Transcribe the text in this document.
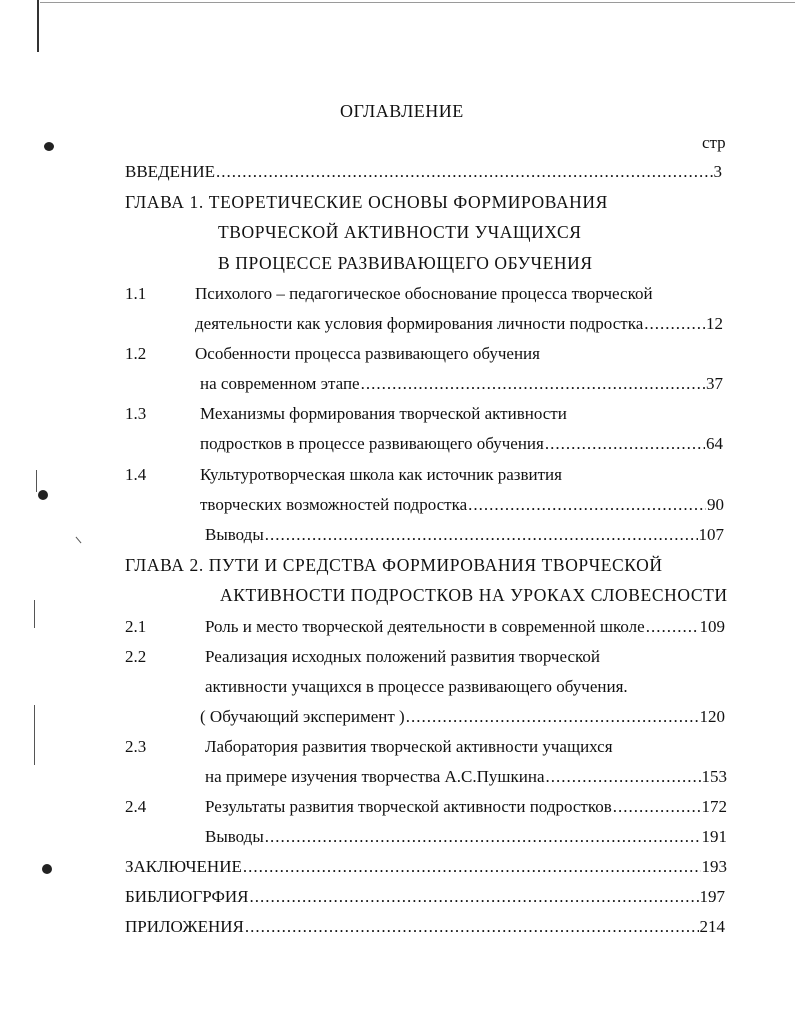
ОГЛАВЛЕНИЕ
стр
ВВЕДЕНИЕ .....	3
ГЛАВА 1. ТЕОРЕТИЧЕСКИЕ ОСНОВЫ ФОРМИРОВАНИЯ
ТВОРЧЕСКОЙ АКТИВНОСТИ УЧАЩИХСЯ
В ПРОЦЕССЕ РАЗВИВАЮЩЕГО ОБУЧЕНИЯ
1.1	Психолого – педагогическое обоснование процесса творческой
деятельности как условия формирования личности подростка .....	12
1.2	Особенности процесса развивающего обучения
на современном этапе .....	37
1.3	Механизмы формирования творческой активности
подростков в процессе развивающего обучения .....	64
1.4	Культуротворческая школа как источник развития
творческих возможностей подростка .....	90
Выводы .....	107
ГЛАВА 2. ПУТИ И СРЕДСТВА ФОРМИРОВАНИЯ ТВОРЧЕСКОЙ
АКТИВНОСТИ ПОДРОСТКОВ НА УРОКАХ СЛОВЕСНОСТИ
2.1	Роль и место творческой деятельности в современной школе .....	109
2.2	Реализация исходных положений развития творческой
активности учащихся в процессе развивающего обучения.
( Обучающий эксперимент ) .....	120
2.3	Лаборатория развития творческой активности учащихся
на примере изучения творчества А.С.Пушкина .....	153
2.4	Результаты развития творческой активности подростков .....	172
Выводы .....	191
ЗАКЛЮЧЕНИЕ .....	193
БИБЛИОГРФИЯ .....	197
ПРИЛОЖЕНИЯ .....	214
